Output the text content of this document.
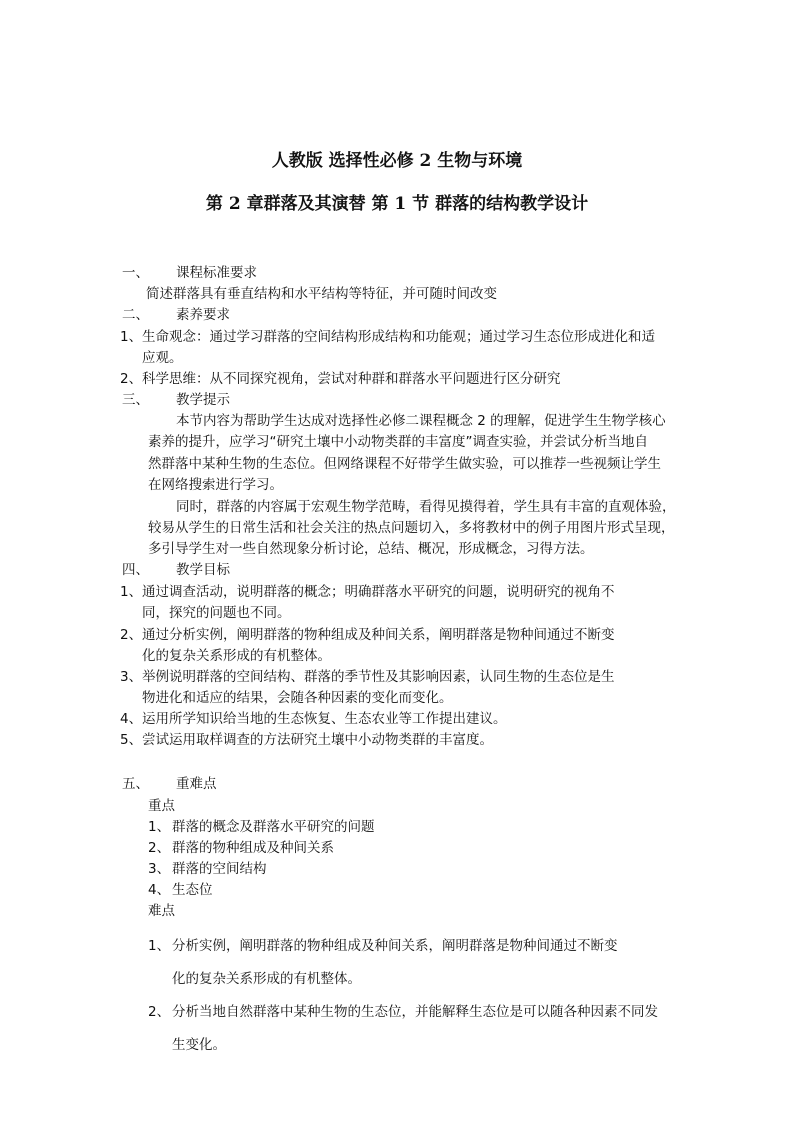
人教版 选择性必修 2 生物与环境
第 2 章群落及其演替 第 1 节 群落的结构教学设计
一、 课程标准要求
简述群落具有垂直结构和水平结构等特征，并可随时间改变
二、 素养要求
1、 生命观念：通过学习群落的空间结构形成结构和功能观；通过学习生态位形成进化和适
应观。
2、 科学思维：从不同探究视角，尝试对种群和群落水平问题进行区分研究
三、 教学提示
本节内容为帮助学生达成对选择性必修二课程概念 2 的理解，促进学生生物学核心
素养的提升，应学习“研究土壤中小动物类群的丰富度”调查实验，并尝试分析当地自
然群落中某种生物的生态位。但网络课程不好带学生做实验，可以推荐一些视频让学生
在网络搜索进行学习。
同时，群落的内容属于宏观生物学范畴，看得见摸得着，学生具有丰富的直观体验，
较易从学生的日常生活和社会关注的热点问题切入，多将教材中的例子用图片形式呈现，
多引导学生对一些自然现象分析讨论，总结、概况，形成概念，习得方法。
四、 教学目标
1、 通过调查活动，说明群落的概念；明确群落水平研究的问题，说明研究的视角不
同，探究的问题也不同。
2、 通过分析实例，阐明群落的物种组成及种间关系，阐明群落是物种间通过不断变
化的复杂关系形成的有机整体。
3、 举例说明群落的空间结构、群落的季节性及其影响因素，认同生物的生态位是生
物进化和适应的结果，会随各种因素的变化而变化。
4、 运用所学知识给当地的生态恢复、生态农业等工作提出建议。
5、 尝试运用取样调查的方法研究土壤中小动物类群的丰富度。
五、 重难点
重点
1、 群落的概念及群落水平研究的问题
2、 群落的物种组成及种间关系
3、 群落的空间结构
4、 生态位
难点
1、 分析实例，阐明群落的物种组成及种间关系，阐明群落是物种间通过不断变
化的复杂关系形成的有机整体。
2、 分析当地自然群落中某种生物的生态位，并能解释生态位是可以随各种因素不同发
生变化。
